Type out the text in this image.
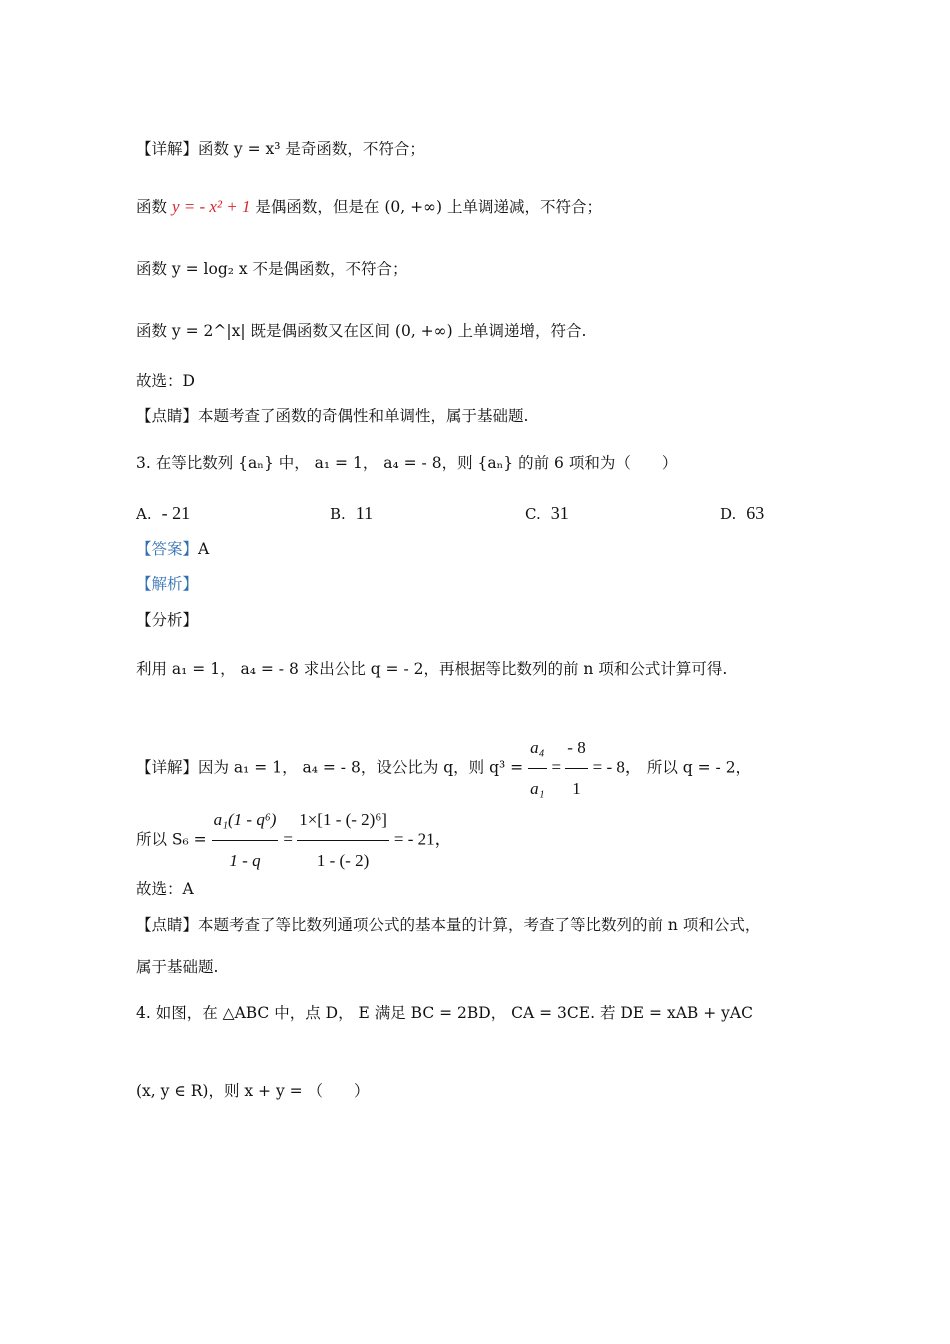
【详解】函数 y = x³ 是奇函数，不符合；
函数 y = - x² + 1 是偶函数，但是在 (0, +∞) 上单调递减，不符合；
函数 y = log₂ x 不是偶函数，不符合；
函数 y = 2^|x| 既是偶函数又在区间 (0, +∞) 上单调递增，符合.
故选：D
【点睛】本题考查了函数的奇偶性和单调性，属于基础题.
3. 在等比数列 {aₙ} 中， a₁ = 1， a₄ = - 8，则 {aₙ} 的前 6 项和为（　　）
A. - 21	B. 11	C. 31	D. 63
【答案】A
【解析】
【分析】
利用 a₁ = 1， a₄ = - 8 求出公比 q = - 2，再根据等比数列的前 n 项和公式计算可得.
【详解】因为 a₁ = 1， a₄ = - 8，设公比为 q，则 $q^3 = \frac{\text{a₄}}{\text{a₁}} = \frac{- 8}{1}$ = - 8， 所以 q = - 2，
所以 $S_6 = \frac{\text{a₁(1 - q⁶)}}{1 - q} = \frac{\text{1×[1 - (- 2)⁶]}}{1 - (- 2)}$ = - 21，
故选：A
【点睛】本题考查了等比数列通项公式的基本量的计算，考查了等比数列的前 n 项和公式，
属于基础题.
4. 如图，在 △ABC 中，点 D， E 满足 BC = 2BD， CA = 3CE. 若 DE = xAB + yAC
(x, y ∈ R)，则 x + y = （　　）
